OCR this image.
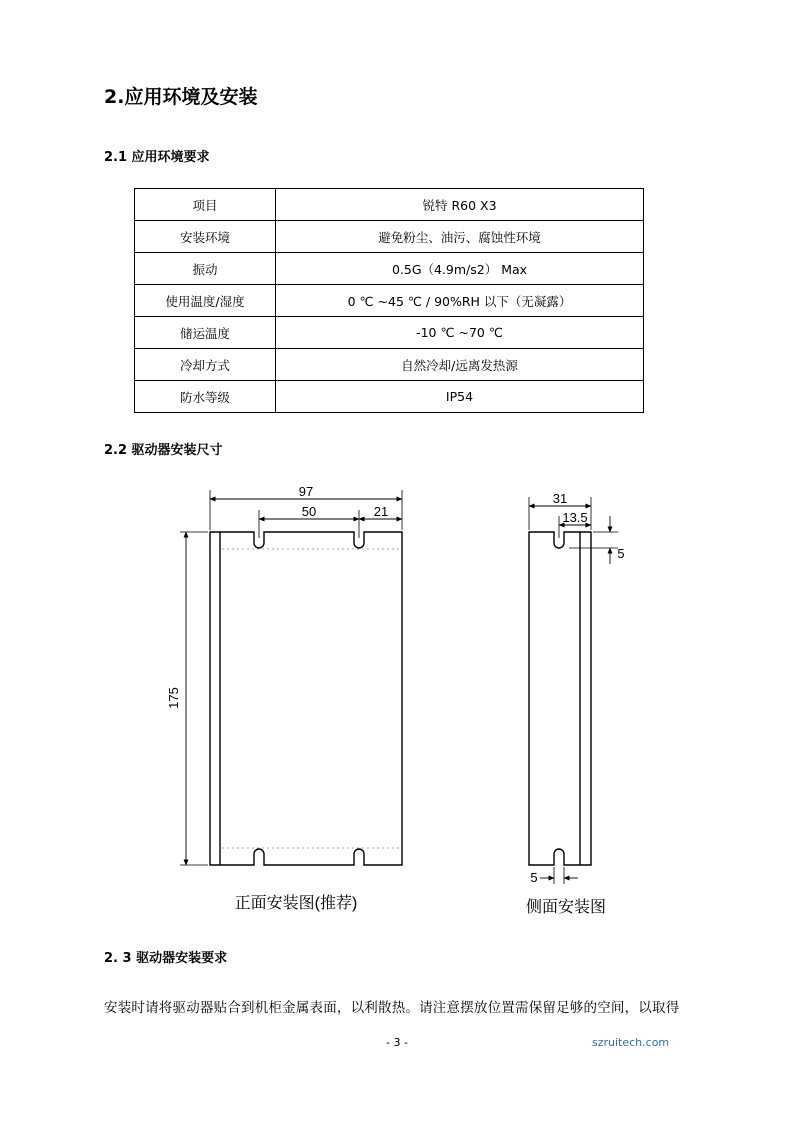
2.应用环境及安装
2.1 应用环境要求
项目	锐特 R60 X3
安装环境	避免粉尘、油污、腐蚀性环境
振动	0.5G（4.9m/s2） Max
使用温度/湿度	0 ℃ ~45 ℃ / 90%RH 以下（无凝露）
储运温度	-10 ℃ ~70 ℃
冷却方式	自然冷却/远离发热源
防水等级	IP54
2.2 驱动器安装尺寸
97
50	21
175
正面安装图(推荐)
31
13.5
5
5
侧面安装图
2. 3 驱动器安装要求
安装时请将驱动器贴合到机柜金属表面，以利散热。请注意摆放位置需保留足够的空间，以取得
- 3 -	szruitech.com
